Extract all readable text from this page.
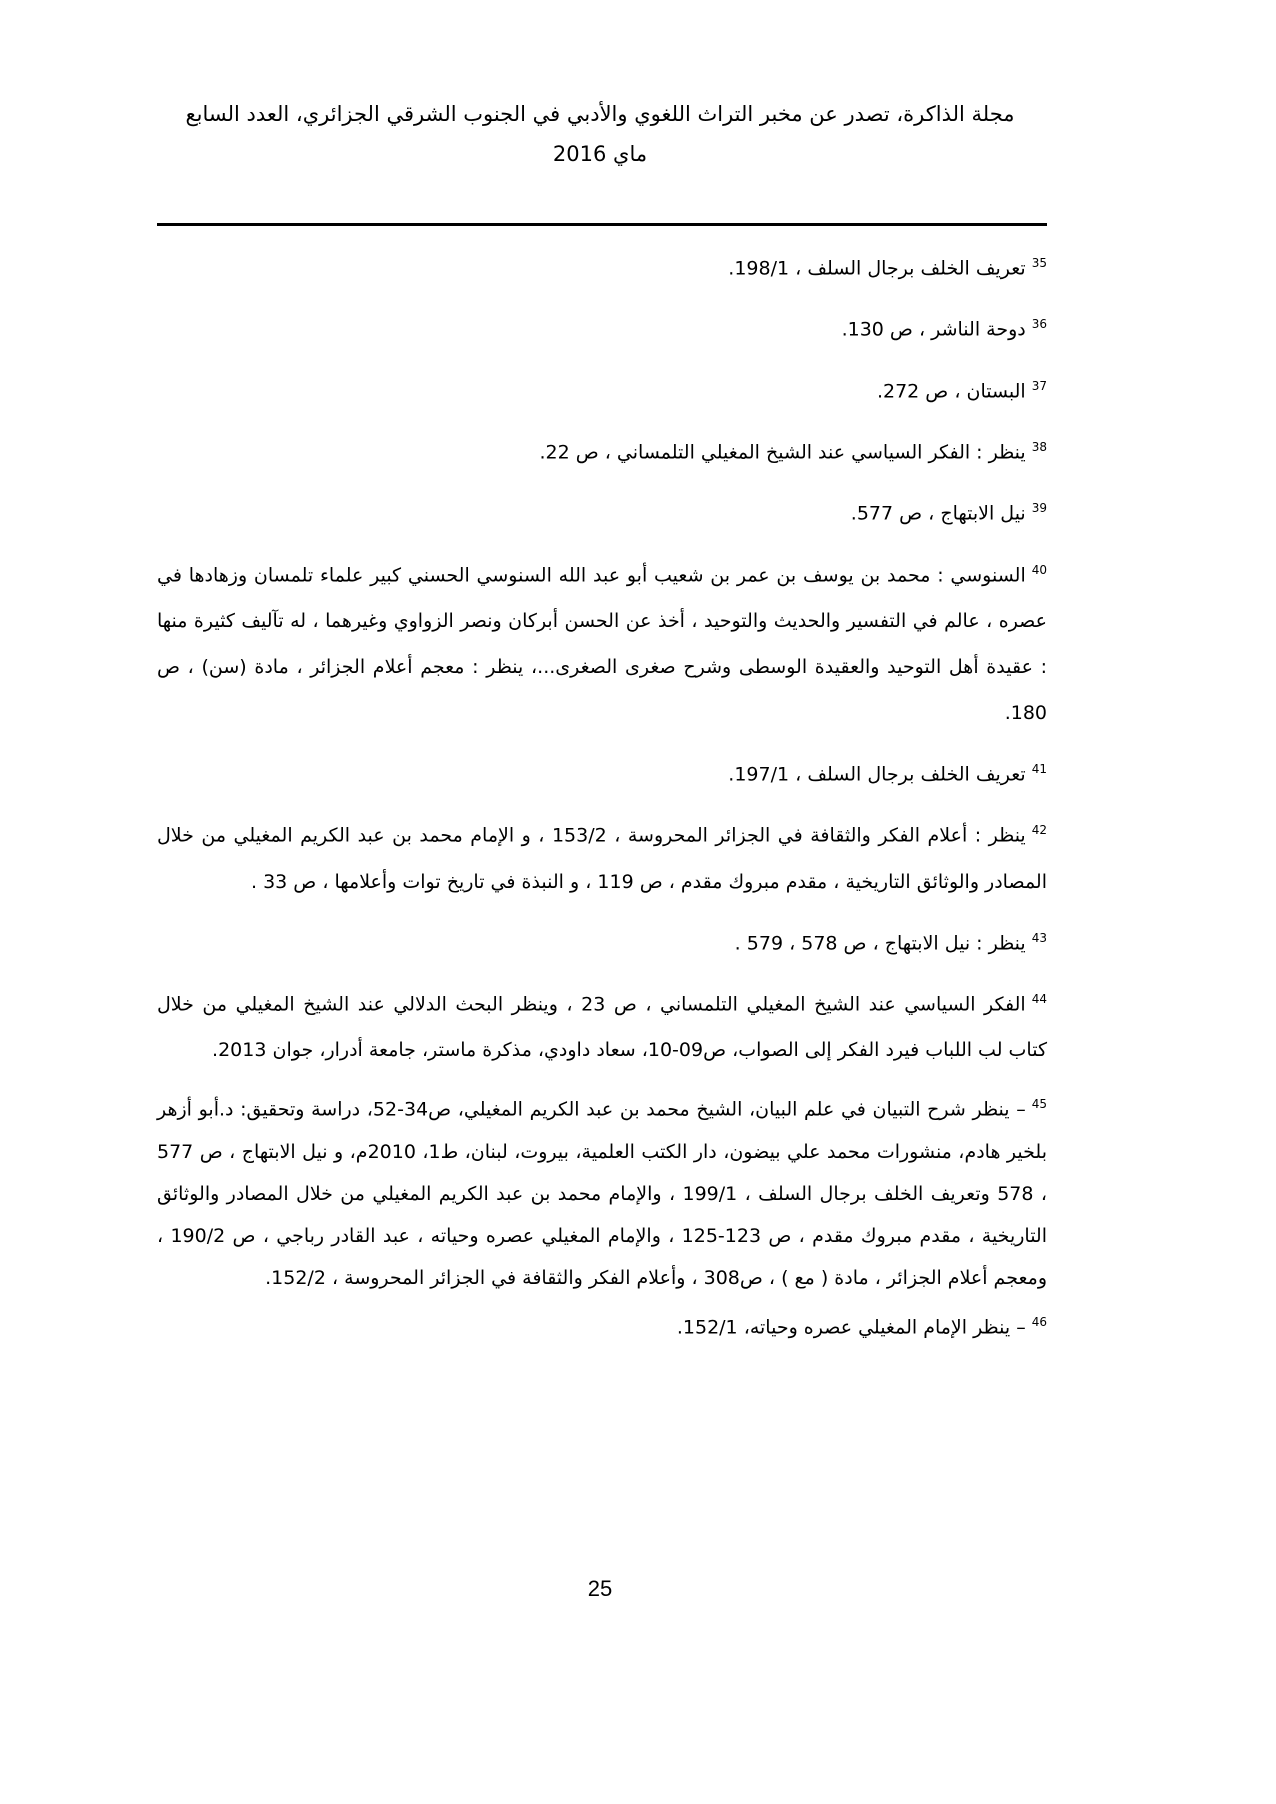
مجلة الذاكرة، تصدر عن مخبر التراث اللغوي والأدبي في الجنوب الشرقي الجزائري، العدد السابع
ماي 2016

$^{35}$تعريف الخلف برجال السلف ، 198/1.

$^{36}$دوحة الناشر ، ص 130.

$^{37}$البستان ، ص 272.

$^{38}$ينظر : الفكر السياسي عند الشيخ المغيلي التلمساني ، ص 22.

$^{39}$نيل الابتهاج ، ص 577.

$^{40}$السنوسي : محمد بن يوسف بن عمر بن شعيب أبو عبد الله السنوسي الحسني كبير علماء تلمسان وزهادها في عصره ، عالم في التفسير والحديث والتوحيد ، أخذ عن الحسن أبركان ونصر الزواوي وغيرهما ، له تآليف كثيرة منها : عقيدة أهل التوحيد والعقيدة الوسطى وشرح صغرى الصغرى...، ينظر : معجم أعلام الجزائر ، مادة (سن) ، ص 180.

$^{41}$تعريف الخلف برجال السلف ، 197/1.

$^{42}$ينظر : أعلام الفكر والثقافة في الجزائر المحروسة ، 153/2 ، و الإمام محمد بن عبد الكريم المغيلي من خلال المصادر والوثائق التاريخية ، مقدم مبروك مقدم ، ص 119 ، و النبذة في تاريخ توات وأعلامها ، ص 33 .

$^{43}$ينظر : نيل الابتهاج ، ص 578 ، 579 .

$^{44}$الفكر السياسي عند الشيخ المغيلي التلمساني ، ص 23 ، وينظر البحث الدلالي عند الشيخ المغيلي من خلال كتاب لب اللباب فيرد الفكر إلى الصواب، ص09-10، سعاد داودي، مذكرة ماستر، جامعة أدرار، جوان 2013.

$^{45}$– ينظر شرح التبيان في علم البيان، الشيخ محمد بن عبد الكريم المغيلي، ص34-52، دراسة وتحقيق: د.أبو أزهر بلخير هادم، منشورات محمد علي بيضون، دار الكتب العلمية، بيروت، لبنان، ط1، 2010م، و نيل الابتهاج ، ص 577 ، 578 وتعريف الخلف برجال السلف ، 199/1 ، والإمام محمد بن عبد الكريم المغيلي من خلال المصادر والوثائق التاريخية ، مقدم مبروك مقدم ، ص 123-125 ، والإمام المغيلي عصره وحياته ، عبد القادر رباجي ، ص 190/2 ، ومعجم أعلام الجزائر ، مادة ( مع ) ، ص308 ، وأعلام الفكر والثقافة في الجزائر المحروسة ، 152/2.

$^{46}$– ينظر الإمام المغيلي عصره وحياته، 152/1.

25
